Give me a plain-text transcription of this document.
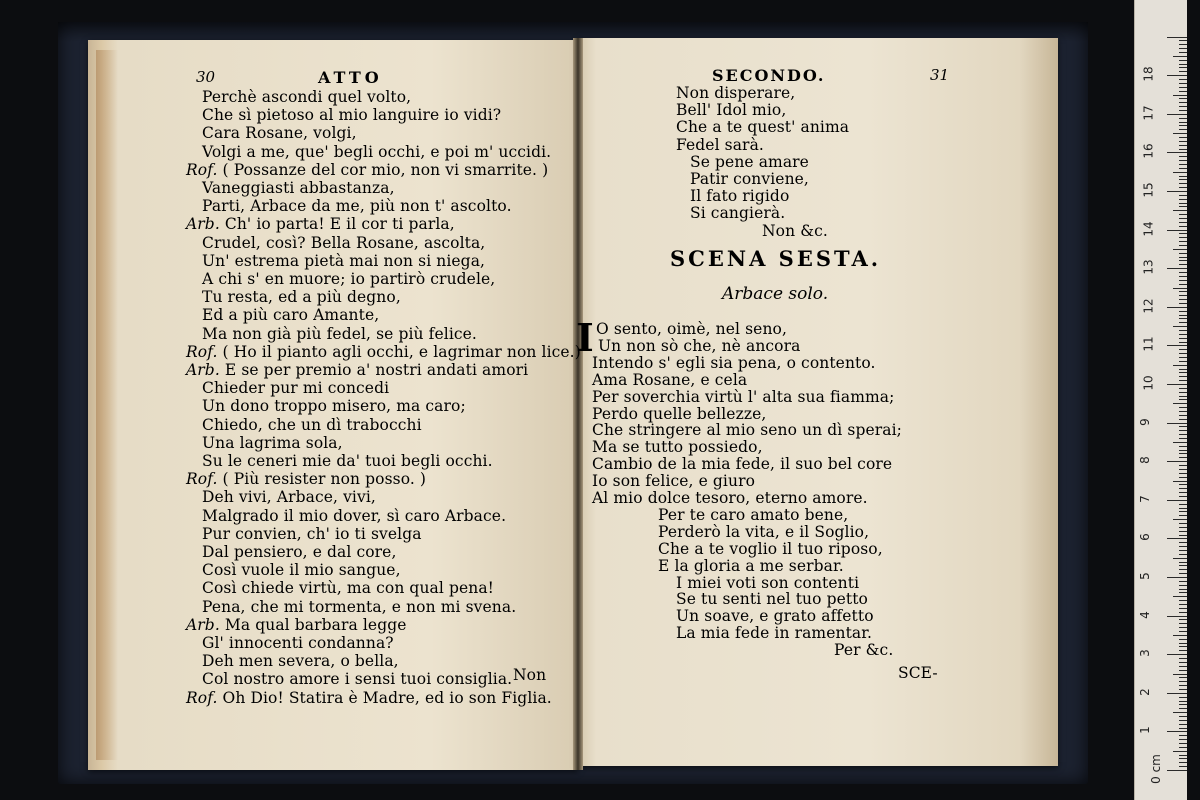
30	ATTO
Perchè ascondi quel volto,
Che sì pietoso al mio languire io vidi?
Cara Rosane, volgi,
Volgi a me, que' begli occhi, e poi m' uccidi.
Rof. ( Possanze del cor mio, non vi smarrite. )
Vaneggiasti abbastanza,
Parti, Arbace da me, più non t' ascolto.
Arb. Ch' io parta! E il cor ti parla,
Crudel, così? Bella Rosane, ascolta,
Un' estrema pietà mai non si niega,
A chi s' en muore; io partirò crudele,
Tu resta, ed a più degno,
Ed a più caro Amante,
Ma non già più fedel, se più felice.
Rof. ( Ho il pianto agli occhi, e lagrimar non lice.)
Arb. E se per premio a' nostri andati amori
Chieder pur mi concedi
Un dono troppo misero, ma caro;
Chiedo, che un dì trabocchi
Una lagrima sola,
Su le ceneri mie da' tuoi begli occhi.
Rof. ( Più resister non posso. )
Deh vivi, Arbace, vivi,
Malgrado il mio dover, sì caro Arbace.
Pur convien, ch' io ti svelga
Dal pensiero, e dal core,
Così vuole il mio sangue,
Così chiede virtù, ma con qual pena!
Pena, che mi tormenta, e non mi svena.
Arb. Ma qual barbara legge
Gl' innocenti condanna?
Deh men severa, o bella,
Col nostro amore i sensi tuoi consiglia.
Rof. Oh Dio! Statira è Madre, ed io son Figlia.
Non
SECONDO.	31
Non disperare,
Bell' Idol mio,
Che a te quest' anima
Fedel sarà.
Se pene amare
Patir conviene,
Il fato rigido
Si cangierà.
Non &c.
SCENA SESTA.
Arbace solo.
I O sento, oimè, nel seno,
Un non sò che, nè ancora
Intendo s' egli sia pena, o contento.
Ama Rosane, e cela
Per soverchia virtù l' alta sua fiamma;
Perdo quelle bellezze,
Che stringere al mio seno un dì sperai;
Ma se tutto possiedo,
Cambio de la mia fede, il suo bel core
Io son felice, e giuro
Al mio dolce tesoro, eterno amore.
Per te caro amato bene,
Perderò la vita, e il Soglio,
Che a te voglio il tuo riposo,
E la gloria a me serbar.
I miei voti son contenti
Se tu senti nel tuo petto
Un soave, e grato affetto
La mia fede in ramentar.
Per &c.
SCE-
0 cm
1
2
3
4
5
6
7
8
9
10
11
12
13
14
15
16
17
18
